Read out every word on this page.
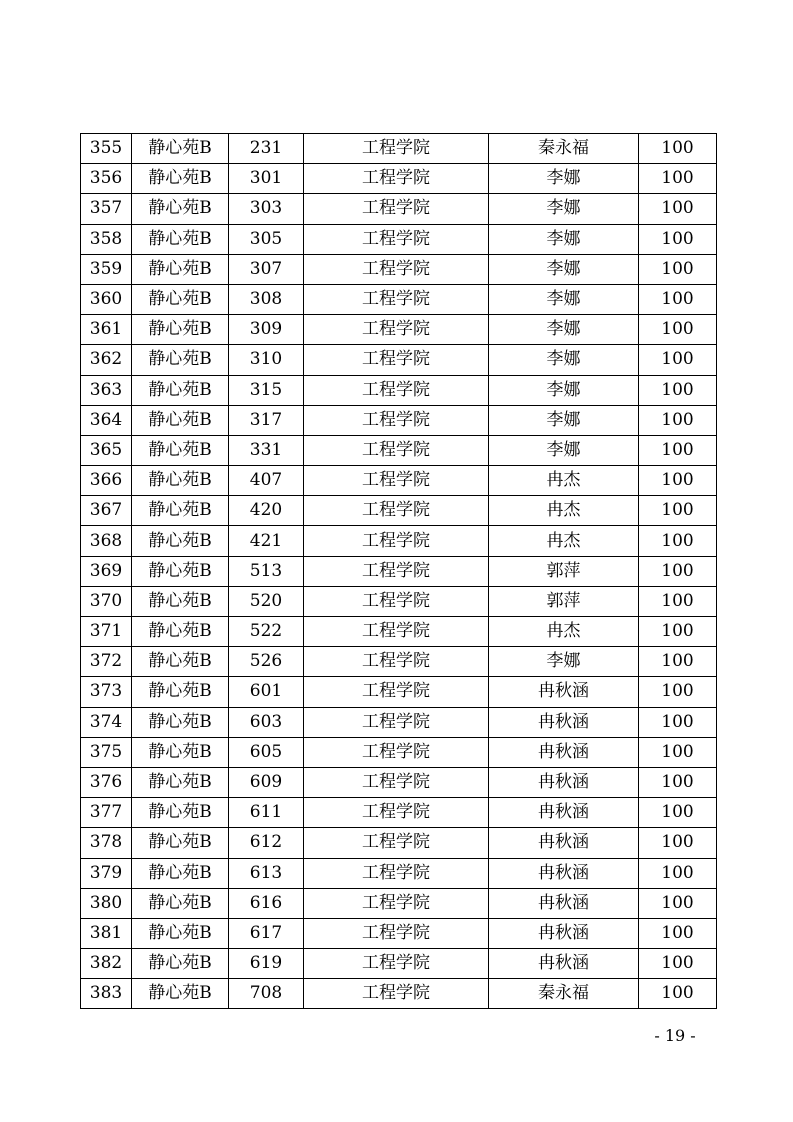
355	静心苑B	231	工程学院	秦永福	100
356	静心苑B	301	工程学院	李娜	100
357	静心苑B	303	工程学院	李娜	100
358	静心苑B	305	工程学院	李娜	100
359	静心苑B	307	工程学院	李娜	100
360	静心苑B	308	工程学院	李娜	100
361	静心苑B	309	工程学院	李娜	100
362	静心苑B	310	工程学院	李娜	100
363	静心苑B	315	工程学院	李娜	100
364	静心苑B	317	工程学院	李娜	100
365	静心苑B	331	工程学院	李娜	100
366	静心苑B	407	工程学院	冉杰	100
367	静心苑B	420	工程学院	冉杰	100
368	静心苑B	421	工程学院	冉杰	100
369	静心苑B	513	工程学院	郭萍	100
370	静心苑B	520	工程学院	郭萍	100
371	静心苑B	522	工程学院	冉杰	100
372	静心苑B	526	工程学院	李娜	100
373	静心苑B	601	工程学院	冉秋涵	100
374	静心苑B	603	工程学院	冉秋涵	100
375	静心苑B	605	工程学院	冉秋涵	100
376	静心苑B	609	工程学院	冉秋涵	100
377	静心苑B	611	工程学院	冉秋涵	100
378	静心苑B	612	工程学院	冉秋涵	100
379	静心苑B	613	工程学院	冉秋涵	100
380	静心苑B	616	工程学院	冉秋涵	100
381	静心苑B	617	工程学院	冉秋涵	100
382	静心苑B	619	工程学院	冉秋涵	100
383	静心苑B	708	工程学院	秦永福	100
- 19 -
